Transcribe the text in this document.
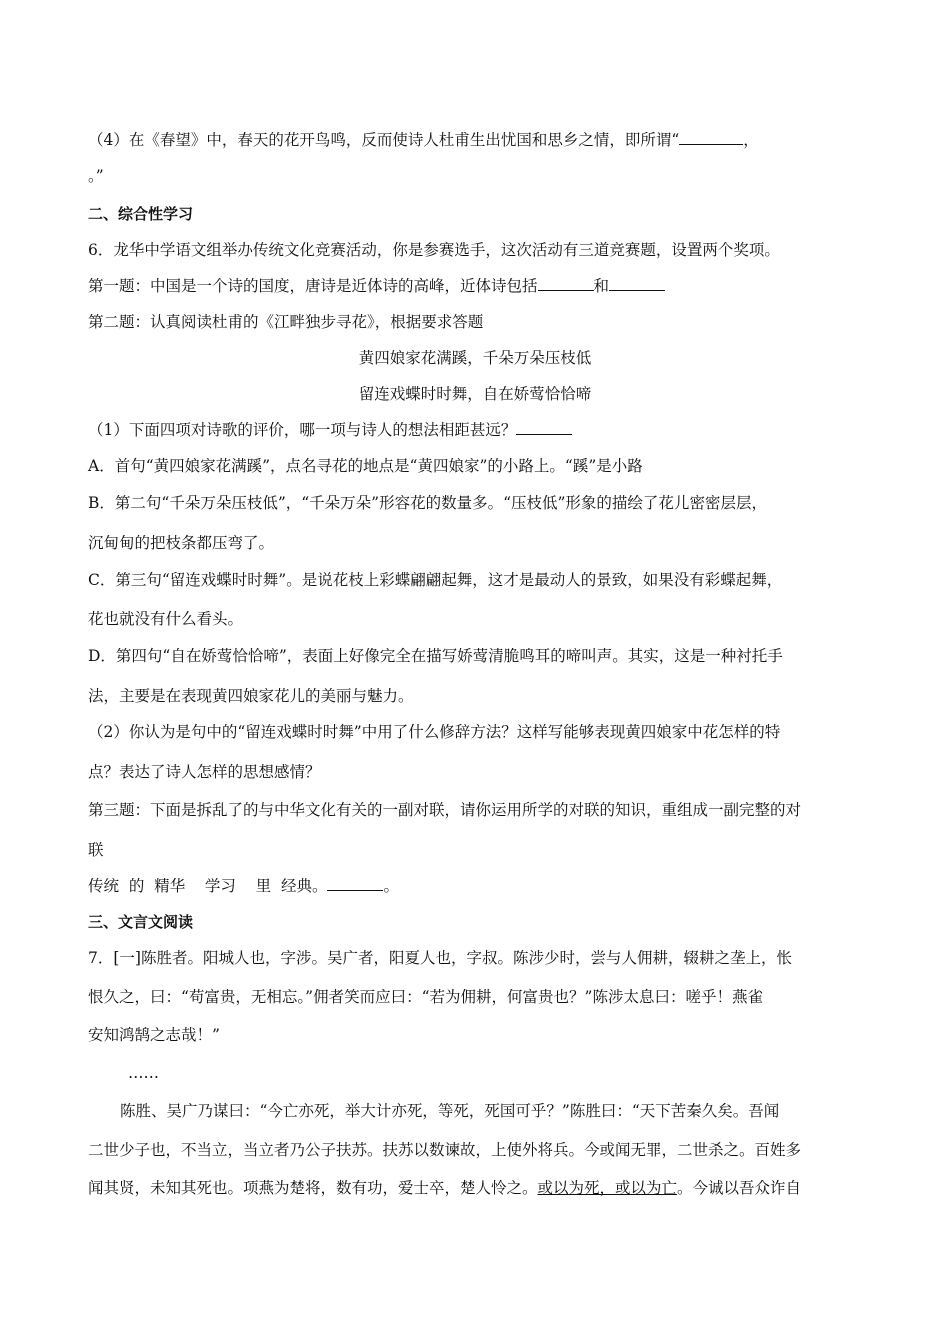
（4）在《春望》中，春天的花开鸟鸣，反而使诗人杜甫生出忧国和思乡之情，即所谓“	，
。”
二、综合性学习
6．龙华中学语文组举办传统文化竞赛活动，你是参赛选手，这次活动有三道竞赛题，设置两个奖项。
第一题：中国是一个诗的国度，唐诗是近体诗的高峰，近体诗包括	和
第二题：认真阅读杜甫的《江畔独步寻花》，根据要求答题
黄四娘家花满蹊，千朵万朵压枝低
留连戏蝶时时舞，自在娇莺恰恰啼
（1）下面四项对诗歌的评价，哪一项与诗人的想法相距甚远？
A．首句“黄四娘家花满蹊”，点名寻花的地点是“黄四娘家”的小路上。“蹊”是小路
B．第二句“千朵万朵压枝低”，“千朵万朵”形容花的数量多。“压枝低”形象的描绘了花儿密密层层，
沉甸甸的把枝条都压弯了。
C．第三句“留连戏蝶时时舞”。是说花枝上彩蝶翩翩起舞，这才是最动人的景致，如果没有彩蝶起舞，
花也就没有什么看头。
D．第四句“自在娇莺恰恰啼”，表面上好像完全在描写娇莺清脆鸣耳的啼叫声。其实，这是一种衬托手
法，主要是在表现黄四娘家花儿的美丽与魅力。
（2）你认为是句中的“留连戏蝶时时舞”中用了什么修辞方法？这样写能够表现黄四娘家中花怎样的特
点？表达了诗人怎样的思想感情？
第三题：下面是拆乱了的与中华文化有关的一副对联，请你运用所学的对联的知识，重组成一副完整的对
联
传统  的  精华    学习    里  经典。	。
三、文言文阅读
7．[一]陈胜者。阳城人也，字涉。吴广者，阳夏人也，字叔。陈涉少时，尝与人佣耕，辍耕之垄上，怅
恨久之，曰：“苟富贵，无相忘。”佣者笑而应曰：“若为佣耕，何富贵也？”陈涉太息曰：嗟乎！燕雀
安知鸿鹄之志哉！”
……
陈胜、吴广乃谋曰：“今亡亦死，举大计亦死，等死，死国可乎？”陈胜曰：“天下苦秦久矣。吾闻
二世少子也，不当立，当立者乃公子扶苏。扶苏以数谏故，上使外将兵。今或闻无罪，二世杀之。百姓多
闻其贤，未知其死也。项燕为楚将，数有功，爱士卒，楚人怜之。或以为死，或以为亡。今诚以吾众诈自
